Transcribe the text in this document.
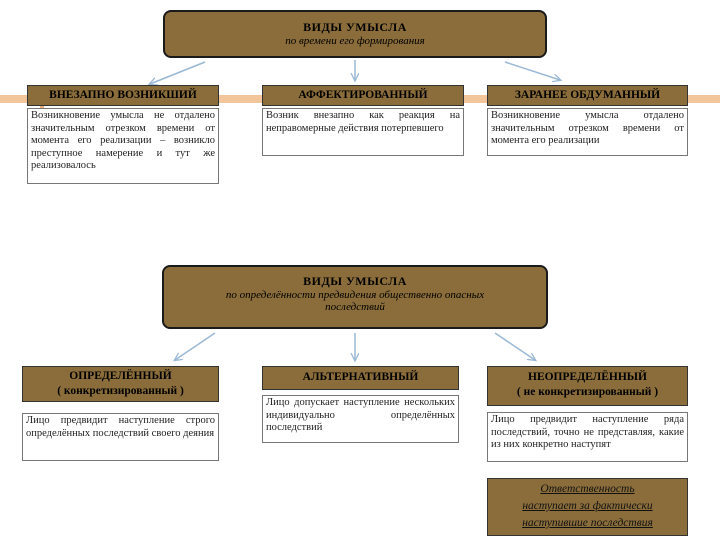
ВИДЫ УМЫСЛА
по времени его формирования
ВНЕЗАПНО ВОЗНИКШИЙ
Возникновение умысла не отдалено значительным отрезком времени от момента его реализации – возникло преступное намерение и тут же реализовалось
АФФЕКТИРОВАННЫЙ
Возник внезапно как реакция на неправомерные действия потерпевшего
ЗАРАНЕЕ ОБДУМАННЫЙ
Возникновение умысла отдалено значительным отрезком времени от момента его реализации
ВИДЫ УМЫСЛА
по определённости предвидения общественно опасных
последствий
ОПРЕДЕЛЁННЫЙ
( конкретизированный )
Лицо предвидит наступление строго определённых последствий своего деяния
АЛЬТЕРНАТИВНЫЙ
Лицо допускает наступление нескольких индивидуально определённых последствий
НЕОПРЕДЕЛЁННЫЙ
( не конкретизированный )
Лицо предвидит наступление ряда последствий, точно не представляя, какие из них конкретно наступят
Ответственность
наступает за фактически
наступившие последствия
